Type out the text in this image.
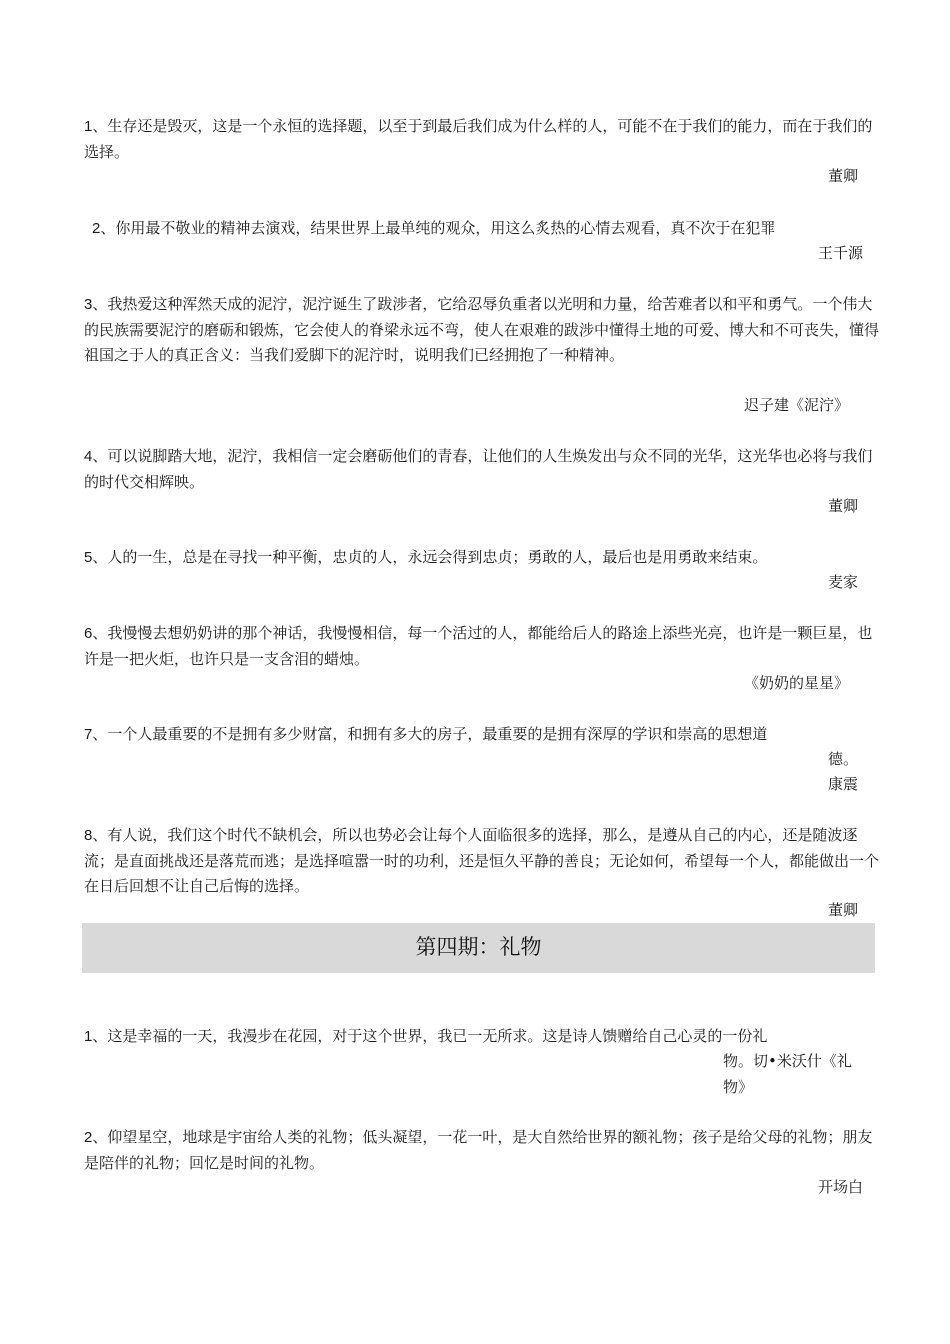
1、生存还是毁灭，这是一个永恒的选择题，以至于到最后我们成为什么样的人，可能不在于我们的能力，而在于我们的选择。
董卿
2、你用最不敬业的精神去演戏，结果世界上最单纯的观众，用这么炙热的心情去观看，真不次于在犯罪
王千源
3、我热爱这种浑然天成的泥泞，泥泞诞生了跋涉者，它给忍辱负重者以光明和力量，给苦难者以和平和勇气。一个伟大的民族需要泥泞的磨砺和锻炼，它会使人的脊梁永远不弯，使人在艰难的跋涉中懂得土地的可爱、博大和不可丧失，懂得祖国之于人的真正含义：当我们爱脚下的泥泞时，说明我们已经拥抱了一种精神。
迟子建《泥泞》
4、可以说脚踏大地，泥泞，我相信一定会磨砺他们的青春，让他们的人生焕发出与众不同的光华，这光华也必将与我们的时代交相辉映。
董卿
5、人的一生，总是在寻找一种平衡，忠贞的人，永远会得到忠贞；勇敢的人，最后也是用勇敢来结束。
麦家
6、我慢慢去想奶奶讲的那个神话，我慢慢相信，每一个活过的人，都能给后人的路途上添些光亮，也许是一颗巨星，也许是一把火炬，也许只是一支含泪的蜡烛。
《奶奶的星星》
7、一个人最重要的不是拥有多少财富，和拥有多大的房子，最重要的是拥有深厚的学识和崇高的思想道
德。
康震
8、有人说，我们这个时代不缺机会，所以也势必会让每个人面临很多的选择，那么，是遵从自己的内心，还是随波逐流；是直面挑战还是落荒而逃；是选择喧嚣一时的功利，还是恒久平静的善良；无论如何，希望每一个人，都能做出一个在日后回想不让自己后悔的选择。
董卿
第四期：礼物
1、这是幸福的一天，我漫步在花园，对于这个世界，我已一无所求。这是诗人馈赠给自己心灵的一份礼
物。切•米沃什《礼物》
2、仰望星空，地球是宇宙给人类的礼物；低头凝望，一花一叶，是大自然给世界的额礼物；孩子是给父母的礼物；朋友是陪伴的礼物；回忆是时间的礼物。
开场白
